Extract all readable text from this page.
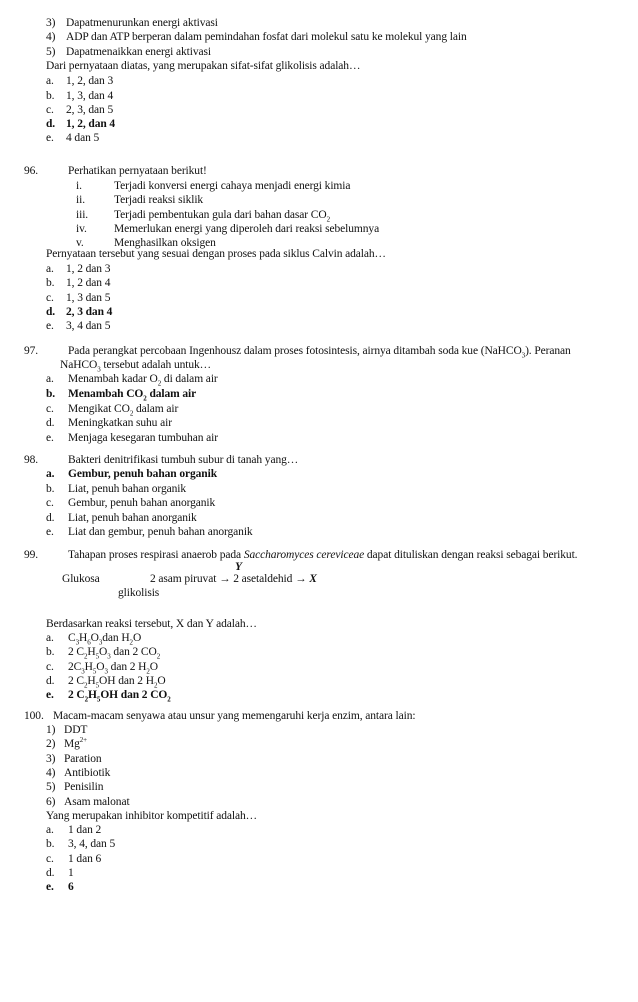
3) Dapatmenurunkan energi aktivasi
4) ADP dan ATP berperan dalam pemindahan fosfat dari molekul satu ke molekul yang lain
5) Dapatmenaikkan energi aktivasi
Dari pernyataan diatas, yang merupakan sifat-sifat glikolisis adalah…
a. 1, 2, dan 3
b. 1, 3, dan 4
c. 2, 3, dan 5
d. 1, 2, dan 4
e. 4 dan 5
96.	Perhatikan pernyataan berikut!
i.	Terjadi konversi energi cahaya menjadi energi kimia
ii.	Terjadi reaksi siklik
iii. Terjadi pembentukan gula dari bahan dasar $CO_2$
iv. Memerlukan energi yang diperoleh dari reaksi sebelumnya
v.	Menghasilkan oksigen
Pernyataan tersebut yang sesuai dengan proses pada siklus Calvin adalah…
a. 1, 2 dan 3
b. 1, 2 dan 4
c. 1, 3 dan 5
d. 2, 3 dan 4
e. 3, 4 dan 5
97.	Pada perangkat percobaan Ingenhousz dalam proses fotosintesis, airnya ditambah soda kue (NaHCO$_3$). Peranan
NaHCO$_3$ tersebut adalah untuk…
a. Menambah kadar $O_2$ di dalam air
b. Menambah $CO_2$ dalam air
c. Mengikat $CO_2$ dalam air
d. Meningkatkan suhu air
e. Menjaga kesegaran tumbuhan air
98.	Bakteri denitrifikasi tumbuh subur di tanah yang…
a. Gembur, penuh bahan organik
b. Liat, penuh bahan organik
c. Gembur, penuh bahan anorganik
d. Liat, penuh bahan anorganik
e. Liat dan gembur, penuh bahan anorganik
99.	Tahapan proses respirasi anaerob pada Saccharomyces cereviceae dapat dituliskan dengan reaksi sebagai berikut.
Y
Glukosa	2 asam piruvat → 2 asetaldehid → X
glikolisis
Berdasarkan reaksi tersebut, X dan Y adalah…
a. $C_3H_6O_3dan$ $H_2O$
b. 2 $C_2H_5O_3$ dan 2 $CO_2$
c. $2C_3H_5O_3$ dan 2 $H_2O$
d. 2 $C_2H_5OH$ dan 2 $H_2O$
e. 2 $C_2H_5OH$ dan 2 $CO_2$
100. Macam-macam senyawa atau unsur yang memengaruhi kerja enzim, antara lain:
1) DDT
2) $Mg^{2+}$
3) Paration
4) Antibiotik
5) Penisilin
6) Asam malonat
Yang merupakan inhibitor kompetitif adalah…
a. 1 dan 2
b. 3, 4, dan 5
c. 1 dan 6
d. 1
e. 6
